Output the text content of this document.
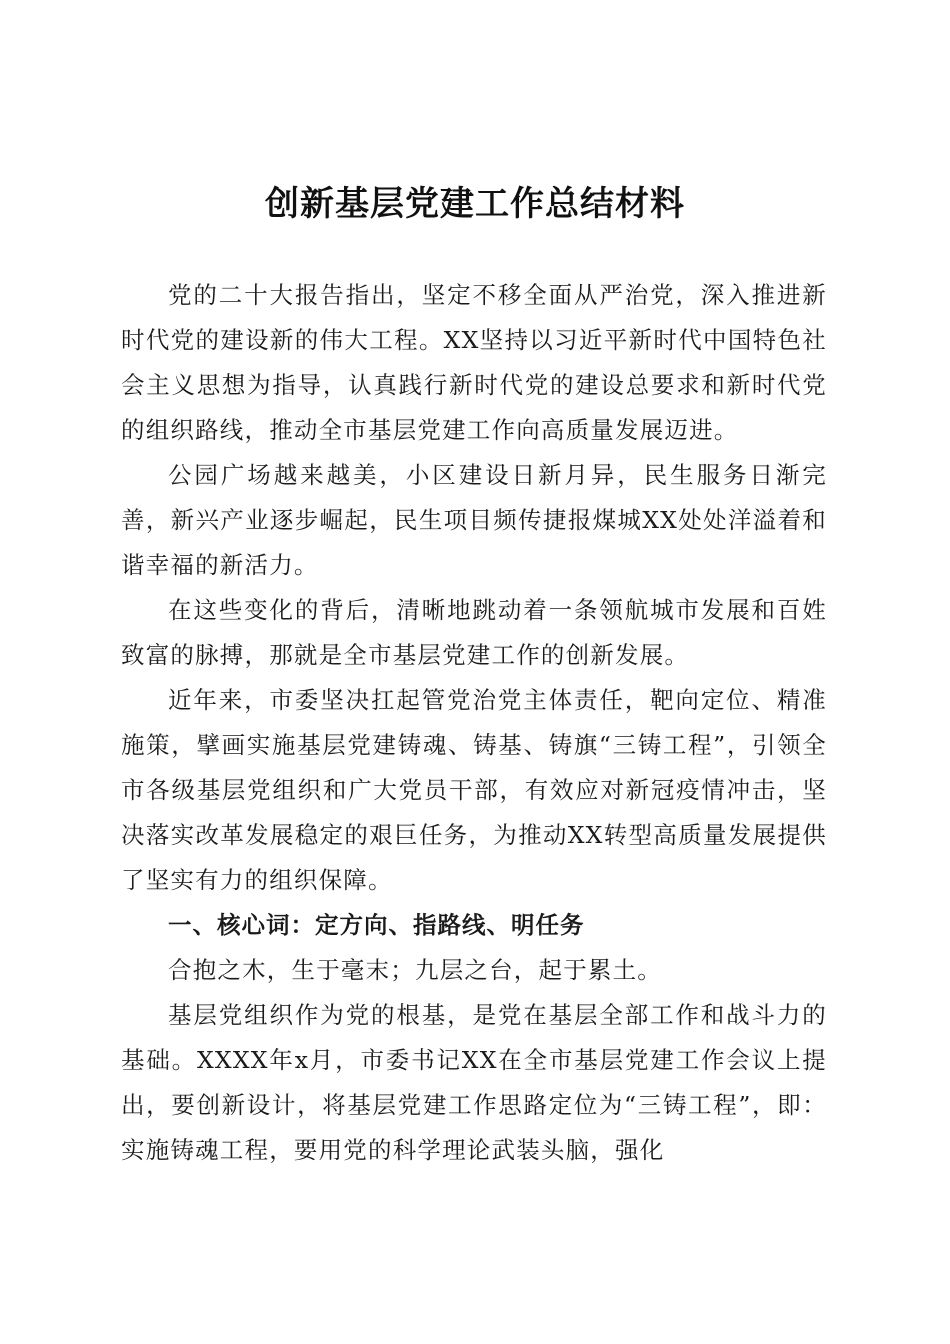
创新基层党建工作总结材料

党的二十大报告指出，坚定不移全面从严治党，深入推进新时代党的建设新的伟大工程。XX坚持以习近平新时代中国特色社会主义思想为指导，认真践行新时代党的建设总要求和新时代党的组织路线，推动全市基层党建工作向高质量发展迈进。

公园广场越来越美，小区建设日新月异，民生服务日渐完善，新兴产业逐步崛起，民生项目频传捷报煤城XX处处洋溢着和谐幸福的新活力。

在这些变化的背后，清晰地跳动着一条领航城市发展和百姓致富的脉搏，那就是全市基层党建工作的创新发展。

近年来，市委坚决扛起管党治党主体责任，靶向定位、精准施策，擘画实施基层党建铸魂、铸基、铸旗“三铸工程”，引领全市各级基层党组织和广大党员干部，有效应对新冠疫情冲击，坚决落实改革发展稳定的艰巨任务，为推动XX转型高质量发展提供了坚实有力的组织保障。

一、核心词：定方向、指路线、明任务

合抱之木，生于毫末；九层之台，起于累土。

基层党组织作为党的根基，是党在基层全部工作和战斗力的基础。XXXX年x月，市委书记XX在全市基层党建工作会议上提出，要创新设计，将基层党建工作思路定位为“三铸工程”，即：实施铸魂工程，要用党的科学理论武装头脑，强化
